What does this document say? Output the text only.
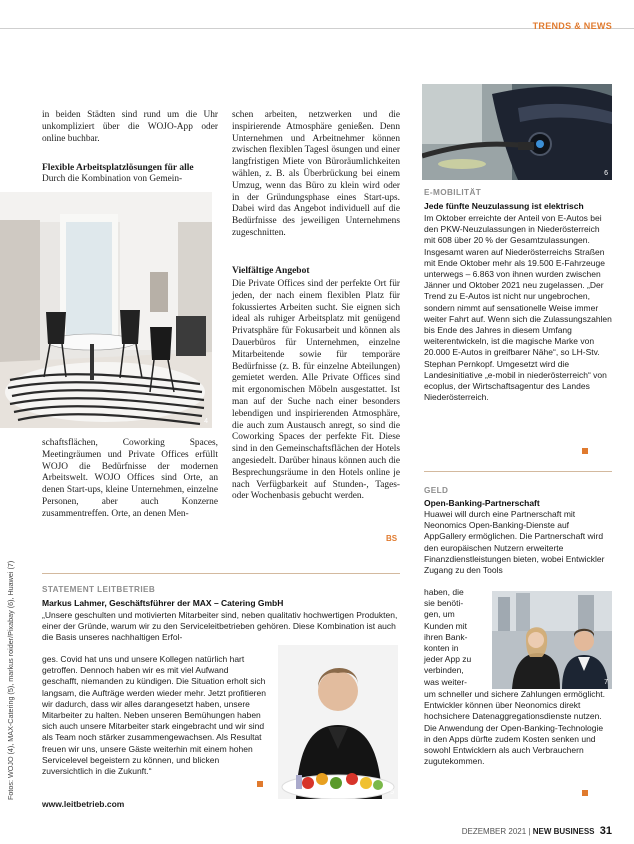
TRENDS & NEWS
in beiden Städten sind rund um die Uhr unkompliziert über die WOJO-App oder online buchbar.
Flexible Arbeitsplatzlösungen für alle
Durch die Kombination von Gemein-
4
schaftsflächen, Coworking Spaces, Meetingräumen und Private Offices erfüllt WOJO die Bedürfnisse der modernen Arbeitswelt. WOJO Offices sind Orte, an denen Start-ups, kleine Unternehmen, einzelne Personen, aber auch Konzerne zusammentreffen. Orte, an denen Men-
schen arbeiten, netzwerken und die inspirierende Atmosphäre genießen. Denn Unternehmen und Arbeitnehmer können zwischen flexiblen Tagesl ösungen und einer langfristigen Miete von Büroräumlichkeiten wählen, z. B. als Überbrückung bei einem Umzug, wenn das Büro zu klein wird oder in der Gründungsphase eines Start-ups. Dabei wird das Angebot individuell auf die Bedürfnisse des jeweiligen Unternehmens zugeschnitten.
Vielfältige Angebot
Die Private Offices sind der perfekte Ort für jeden, der nach einem flexiblen Platz für fokussiertes Arbeiten sucht. Sie eignen sich ideal als ruhiger Arbeitsplatz mit genügend Privatsphäre für Fokusarbeit und können als Dauerbüros für Unternehmen, einzelne Mitarbeitende sowie für temporäre Bedürfnisse (z. B. für einzelne Abteilungen) gemietet werden. Alle Private Offices sind mit ergonomischen Möbeln ausgestattet. Ist man auf der Suche nach einer besonders lebendigen und inspirierenden Atmosphäre, die auch zum Austausch anregt, so sind die Coworking Spaces der perfekte Fit. Diese sind in den Gemeinschaftsflächen der Hotels angesiedelt. Darüber hinaus können auch die Besprechungsräume in den Hotels online je nach Verfügbarkeit auf Stunden-, Tages- oder Wochenbasis gebucht werden.
BS
6
E-MOBILITÄT
Jede fünfte Neuzulassung ist elektrisch
Im Oktober erreichte der Anteil von E-Autos bei den PKW-Neuzulassungen in Niederösterreich mit 608 über 20 % der Gesamtzulassungen. Insgesamt waren auf Niederösterreichs Straßen mit Ende Oktober mehr als 19.500 E-Fahrzeuge unterwegs – 6.863 von ihnen wurden zwischen Jänner und Oktober 2021 neu zugelassen. „Der Trend zu E-Autos ist nicht nur ungebrochen, sondern nimmt auf sensationelle Weise immer weiter Fahrt auf. Wenn sich die Zulassungszahlen bis Ende des Jahres in diesem Umfang weiterentwickeln, ist die magische Marke von 20.000 E-Autos in greifbarer Nähe“, so LH-Stv. Stephan Pernkopf. Umgesetzt wird die Landesinitiative „e-mobil in niederösterreich“ von ecoplus, der Wirtschaftsagentur des Landes Niederösterreich.
GELD
Open-Banking-Partnerschaft
Huawei will durch eine Partnerschaft mit Neonomics Open-Banking-Dienste auf AppGallery ermöglichen. Die Partnerschaft wird den europäischen Nutzern erweiterte Finanzdienstleistungen bieten, wobei Entwickler Zugang zu den Tools
haben, die
sie benöti-
gen, um
Kunden mit
ihren Bank-
konten in
jeder App zu
verbinden,
was weiter-	7
um schneller und sichere Zahlungen ermöglicht. Entwickler können über Neonomics direkt hochsichere Datenaggregationsdienste nutzen. Die Anwendung der Open-Banking-Technologie in den Apps dürfte zudem Kosten senken und sowohl Entwicklern als auch Verbrauchern zugutekommen.
STATEMENT LEITBETRIEB
Markus Lahmer, Geschäftsführer der MAX – Catering GmbH
„Unsere geschulten und motivierten Mitarbeiter sind, neben qualitativ hochwertigen Produkten, einer der Gründe, warum wir zu den Serviceleitbetrieben gehören. Diese Kombination ist auch die Basis unseres nachhaltigen Erfol-
ges. Covid hat uns und unsere Kollegen natürlich hart getroffen. Dennoch haben wir es mit viel Aufwand geschafft, niemanden zu kündigen. Die Situation erholt sich langsam, die Aufträge werden wieder mehr. Jetzt profitieren wir dadurch, dass wir alles darangesetzt haben, unsere Mitarbeiter zu halten. Neben unseren Bemühungen haben sich auch unsere Mitarbeiter stark eingebracht und wir sind als Team noch stärker zusammengewachsen. Als Resultat freuen wir uns, unsere Gäste weiterhin mit einem hohen Servicelevel begeistern zu können, und blicken zuversichtlich in die Zukunft.“
www.leitbetrieb.com
5
Fotos: WOJO (4), MAX-Catering (5), markus roider/Pixabay (6), Huawei (7)
DEZEMBER 2021 | NEW BUSINESS 31
